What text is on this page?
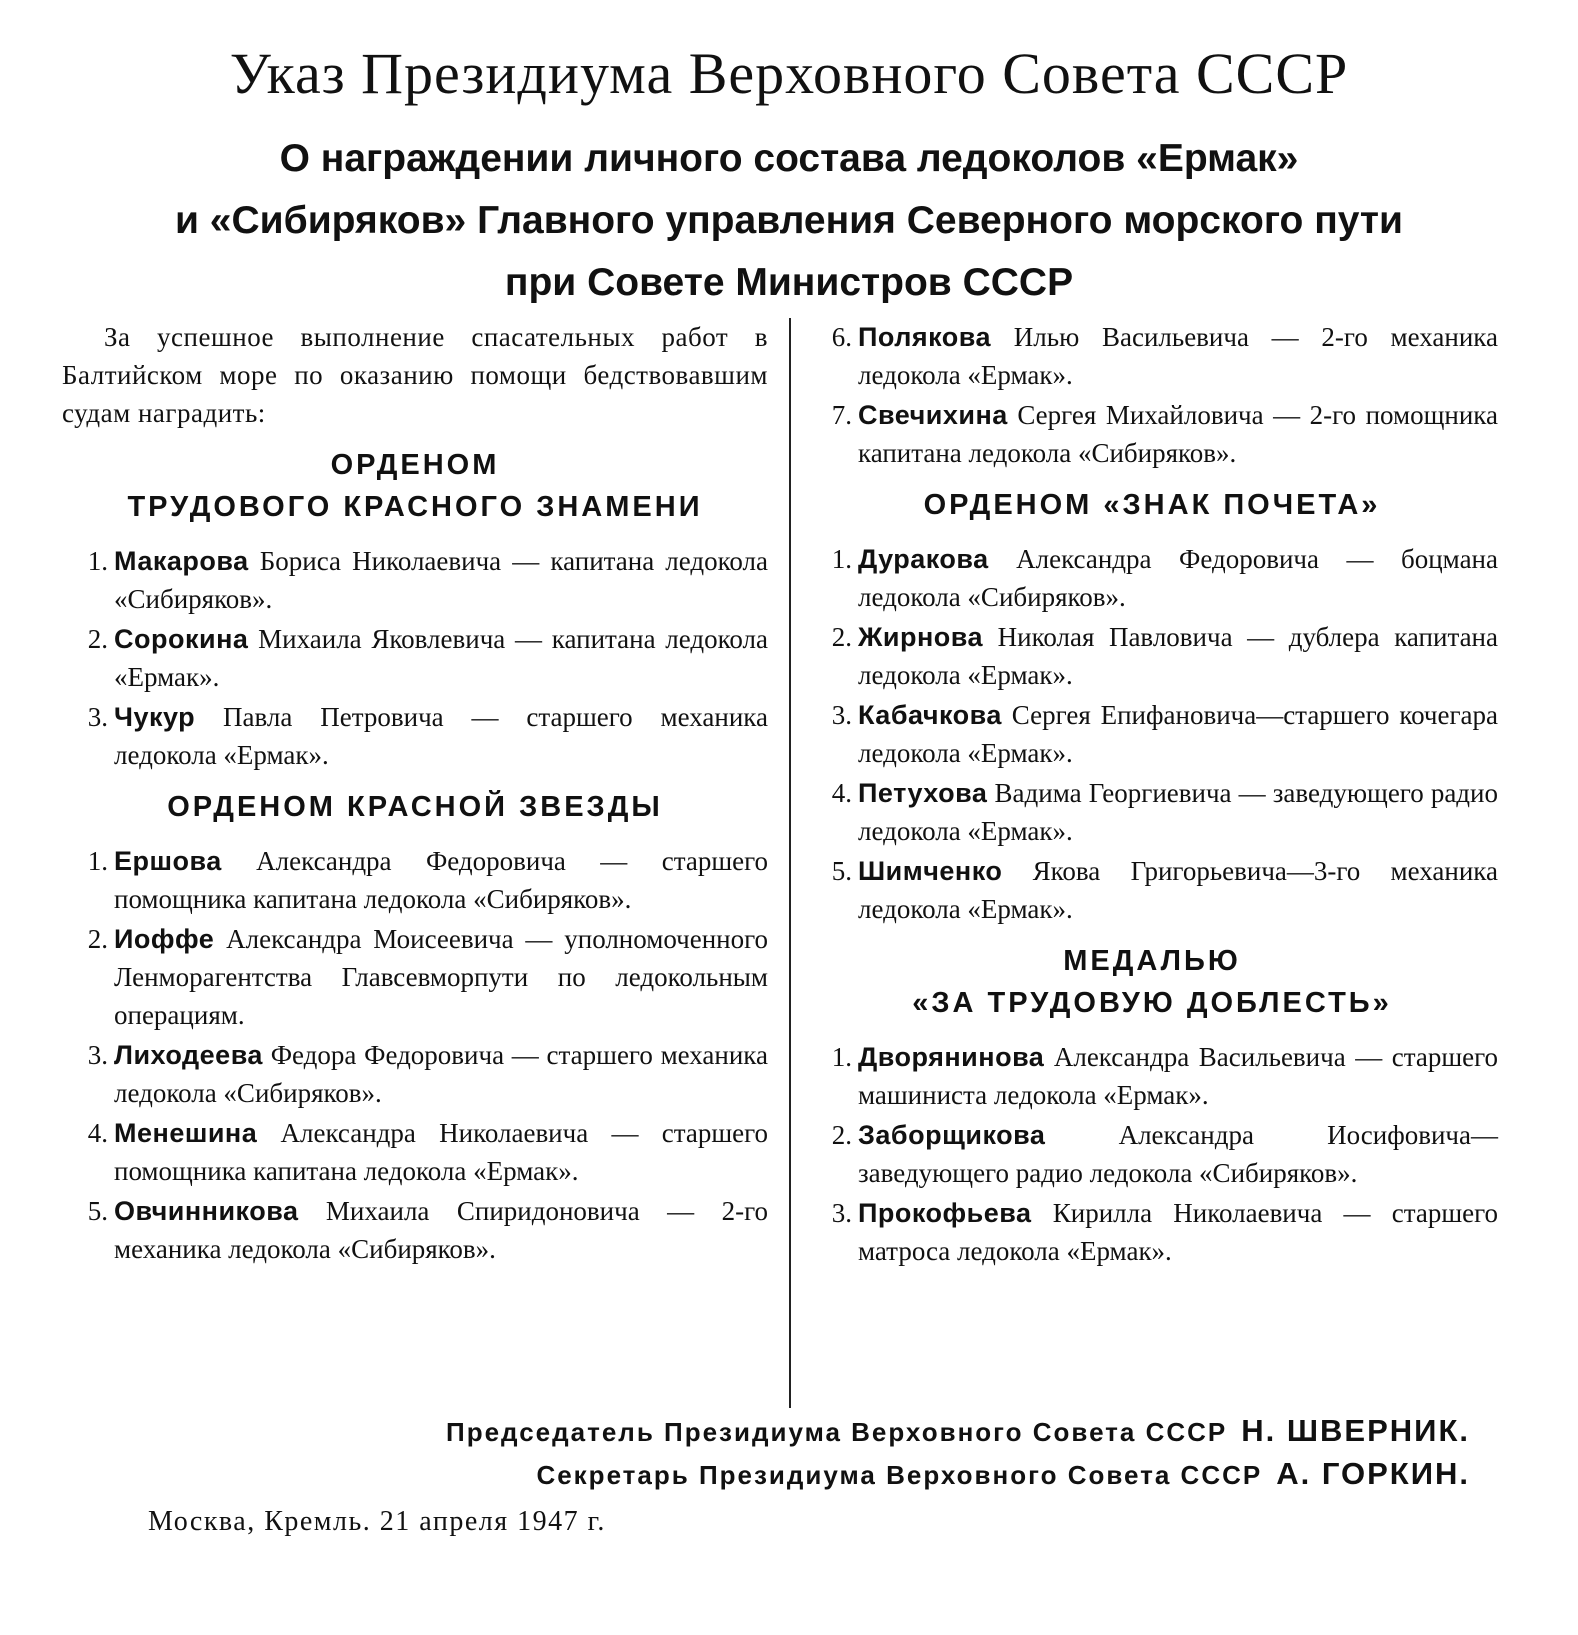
Указ Президиума Верховного Совета СССР
О награждении личного состава ледоколов «Ермак»
и «Сибиряков» Главного управления Северного морского пути
при Совете Министров СССР

За успешное выполнение спасательных работ в Балтийском море по оказанию помощи бедствовавшим судам наградить:

ОРДЕНОМ
ТРУДОВОГО КРАСНОГО ЗНАМЕНИ
1. Макарова Бориса Николаевича — капитана ледокола «Сибиряков».
2. Сорокина Михаила Яковлевича — капитана ледокола «Ермак».
3. Чукур Павла Петровича — старшего механика ледокола «Ермак».
ОРДЕНОМ КРАСНОЙ ЗВЕЗДЫ
1. Ершова Александра Федоровича — старшего помощника капитана ледокола «Сибиряков».
2. Иоффе Александра Моисеевича — уполномоченного Ленморагентства Главсевморпути по ледокольным операциям.
3. Лиходеева Федора Федоровича — старшего механика ледокола «Сибиряков».
4. Менешина Александра Николаевича — старшего помощника капитана ледокола «Ермак».
5. Овчинникова Михаила Спиридоновича — 2-го механика ледокола «Сибиряков».
6. Полякова Илью Васильевича — 2-го механика ледокола «Ермак».
7. Свечихина Сергея Михайловича — 2-го помощника капитана ледокола «Сибиряков».
ОРДЕНОМ «ЗНАК ПОЧЕТА»
1. Дуракова Александра Федоровича — боцмана ледокола «Сибиряков».
2. Жирнова Николая Павловича — дублера капитана ледокола «Ермак».
3. Кабачкова Сергея Епифановича—старшего кочегара ледокола «Ермак».
4. Петухова Вадима Георгиевича — заведующего радио ледокола «Ермак».
5. Шимченко Якова Григорьевича—3-го механика ледокола «Ермак».
МЕДАЛЬЮ
«ЗА ТРУДОВУЮ ДОБЛЕСТЬ»
1. Дворянинова Александра Васильевича — старшего машиниста ледокола «Ермак».
2. Заборщикова Александра Иосифовича— заведующего радио ледокола «Сибиряков».
3. Прокофьева Кирилла Николаевича — старшего матроса ледокола «Ермак».
Председатель Президиума Верховного Совета СССР Н. ШВЕРНИК.
Секретарь Президиума Верховного Совета СССР А. ГОРКИН.
Москва, Кремль. 21 апреля 1947 г.
